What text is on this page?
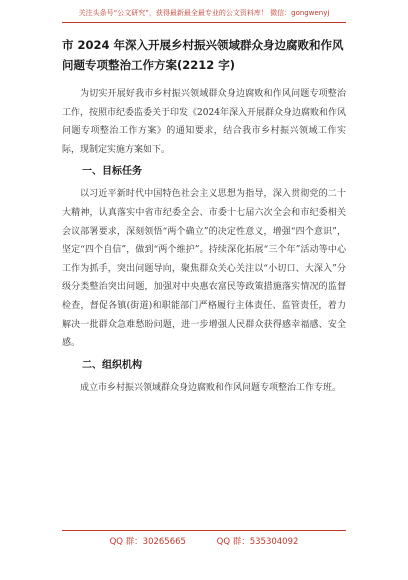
关注头条号“公文研究”，获得最新最全最专业的公文资料库！ 微信：gongwenyj
市 2024 年深入开展乡村振兴领域群众身边腐败和作风问题专项整治工作方案(2212 字)

为切实开展好我市乡村振兴领域群众身边腐败和作风问题专项整治工作，按照市纪委监委关于印发《2024年深入开展群众身边腐败和作风问题专项整治工作方案》的通知要求，结合我市乡村振兴领域工作实际，现制定实施方案如下。

一、目标任务

以习近平新时代中国特色社会主义思想为指导，深入贯彻党的二十大精神，认真落实中省市纪委全会、市委十七届六次全会和市纪委相关会议部署要求，深刻领悟“两个确立”的决定性意义，增强“四个意识”，坚定“四个自信”，做到“两个维护”。持续深化拓展“三个年”活动等中心工作为抓手，突出问题导向，聚焦群众关心关注以“小切口、大深入”分级分类整治突出问题，加强对中央惠农富民等政策措施落实情况的监督检查，督促各镇(街道)和职能部门严格履行主体责任、监管责任，着力解决一批群众急难愁盼问题，进一步增强人民群众获得感幸福感、安全感。

二、组织机构

成立市乡村振兴领域群众身边腐败和作风问题专项整治工作专班。

QQ 群：30265665	QQ 群：535304092
